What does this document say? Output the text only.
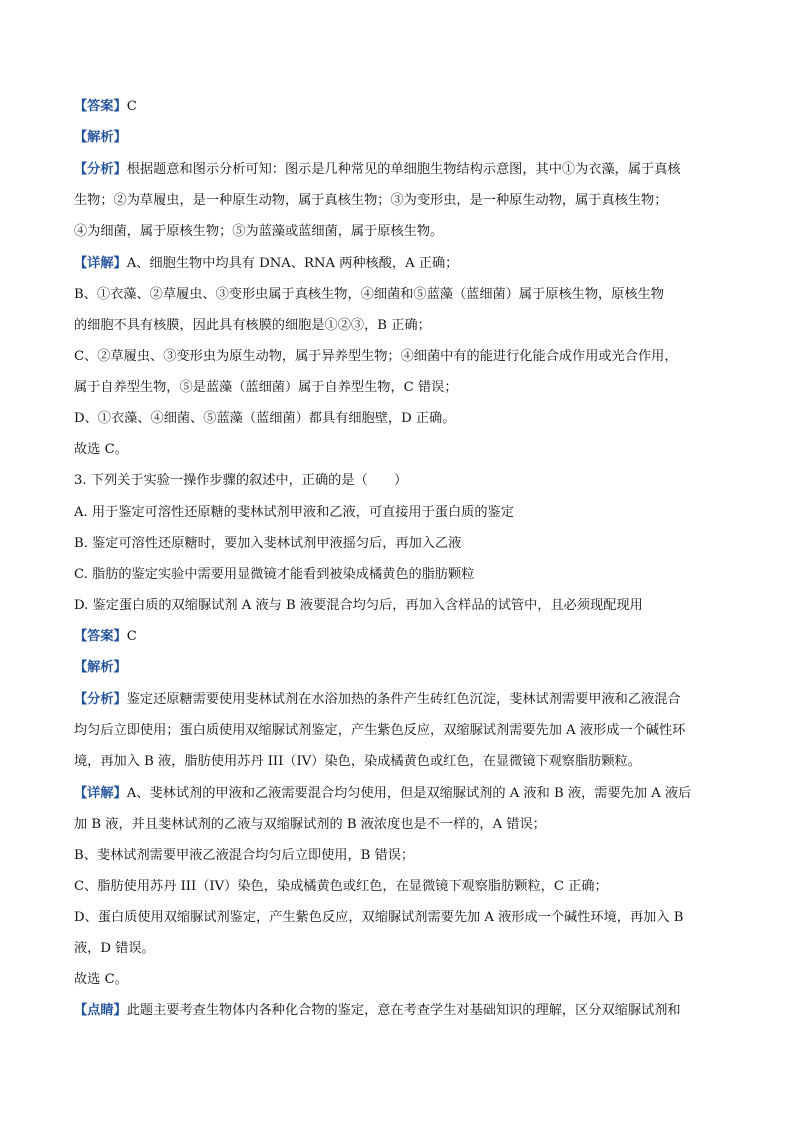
【答案】C
【解析】
【分析】根据题意和图示分析可知：图示是几种常见的单细胞生物结构示意图，其中①为衣藻，属于真核
生物；②为草履虫，是一种原生动物，属于真核生物；③为变形虫，是一种原生动物，属于真核生物；
④为细菌，属于原核生物；⑤为蓝藻或蓝细菌，属于原核生物。
【详解】A、细胞生物中均具有 DNA、RNA 两种核酸，A 正确；
B、①衣藻、②草履虫、③变形虫属于真核生物，④细菌和⑤蓝藻（蓝细菌）属于原核生物，原核生物
的细胞不具有核膜，因此具有核膜的细胞是①②③，B 正确；
C、②草履虫、③变形虫为原生动物，属于异养型生物；④细菌中有的能进行化能合成作用或光合作用，
属于自养型生物，⑤是蓝藻（蓝细菌）属于自养型生物，C 错误；
D、①衣藻、④细菌、⑤蓝藻（蓝细菌）都具有细胞壁，D 正确。
故选 C。
3. 下列关于实验一操作步骤的叙述中，正确的是（　　）
A. 用于鉴定可溶性还原糖的斐林试剂甲液和乙液，可直接用于蛋白质的鉴定
B. 鉴定可溶性还原糖时，要加入斐林试剂甲液摇匀后，再加入乙液
C. 脂肪的鉴定实验中需要用显微镜才能看到被染成橘黄色的脂肪颗粒
D. 鉴定蛋白质的双缩脲试剂 A 液与 B 液要混合均匀后，再加入含样品的试管中，且必须现配现用
【答案】C
【解析】
【分析】鉴定还原糖需要使用斐林试剂在水浴加热的条件产生砖红色沉淀，斐林试剂需要甲液和乙液混合
均匀后立即使用；蛋白质使用双缩脲试剂鉴定，产生紫色反应，双缩脲试剂需要先加 A 液形成一个碱性环
境，再加入 B 液，脂肪使用苏丹 III（IV）染色，染成橘黄色或红色，在显微镜下观察脂肪颗粒。
【详解】A、斐林试剂的甲液和乙液需要混合均匀使用，但是双缩脲试剂的 A 液和 B 液，需要先加 A 液后
加 B 液，并且斐林试剂的乙液与双缩脲试剂的 B 液浓度也是不一样的，A 错误；
B、斐林试剂需要甲液乙液混合均匀后立即使用，B 错误；
C、脂肪使用苏丹 III（IV）染色，染成橘黄色或红色，在显微镜下观察脂肪颗粒，C 正确；
D、蛋白质使用双缩脲试剂鉴定，产生紫色反应，双缩脲试剂需要先加 A 液形成一个碱性环境，再加入 B
液，D 错误。
故选 C。
【点睛】此题主要考查生物体内各种化合物的鉴定，意在考查学生对基础知识的理解，区分双缩脲试剂和
